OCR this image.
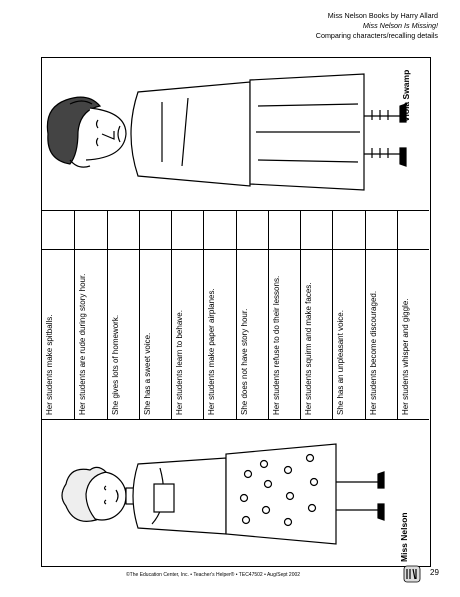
Miss Nelson Books by Harry Allard
Miss Nelson Is Missing!
Comparing characters/recalling details
Miss Nelson
Her students make spitballs.	Her students are rude during story hour.	She gives lots of homework.	She has a sweet voice.	Her students learn to behave.	Her students make paper airplanes.	She does not have story hour.	Her students refuse to do their lessons.	Her students squirm and make faces.	She has an unpleasant voice.	Her students become discouraged.	Her students whisper and giggle.
Viola Swamp
©The Education Center, Inc. • Teacher's Helper® • TEC47502 • Aug/Sept 2002	29
